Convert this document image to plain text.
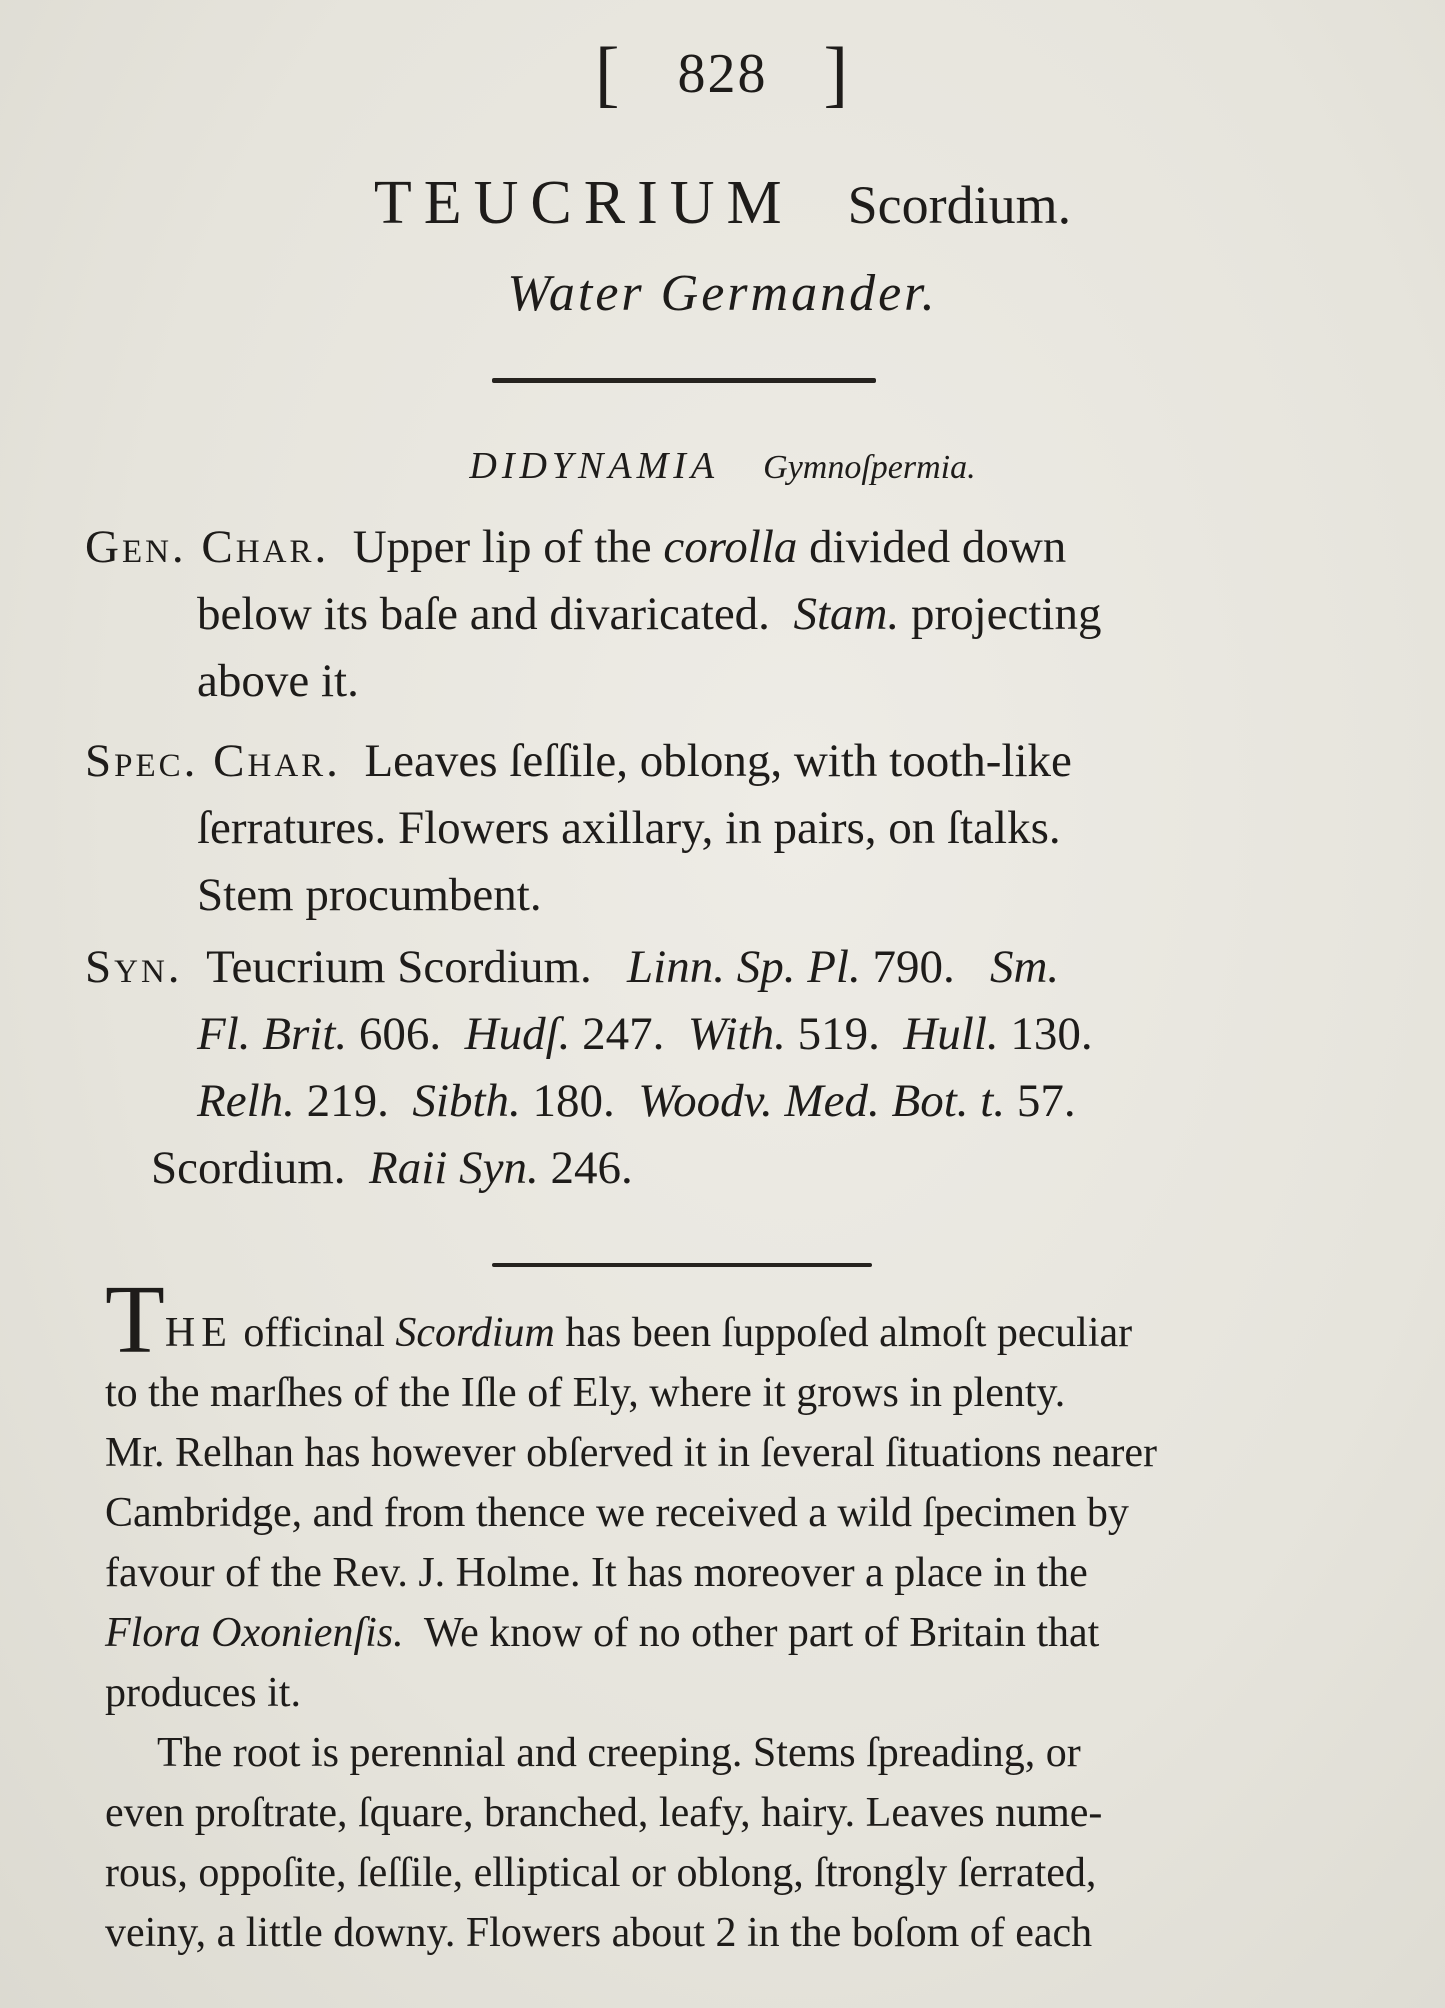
[ 828 ]
TEUCRIUM Scordium.
Water Germander.
DIDYNAMIA Gymnoſpermia.
Gen. Char. Upper lip of the corolla divided down
below its baſe and divaricated. Stam. projecting
above it.
Spec. Char. Leaves ſeſſile, oblong, with tooth-like
ſerratures. Flowers axillary, in pairs, on ſtalks.
Stem procumbent.
Syn. Teucrium Scordium. Linn. Sp. Pl. 790. Sm.
Fl. Brit. 606. Hudſ. 247. With. 519. Hull. 130.
Relh. 219. Sibth. 180. Woodv. Med. Bot. t. 57.
Scordium. Raii Syn. 246.
THE officinal Scordium has been ſuppoſed almoſt peculiar
to the marſhes of the Iſle of Ely, where it grows in plenty.
Mr. Relhan has however obſerved it in ſeveral ſituations nearer
Cambridge, and from thence we received a wild ſpecimen by
favour of the Rev. J. Holme. It has moreover a place in the
Flora Oxonienſis. We know of no other part of Britain that
produces it.
The root is perennial and creeping. Stems ſpreading, or
even proſtrate, ſquare, branched, leafy, hairy. Leaves nume-
rous, oppoſite, ſeſſile, elliptical or oblong, ſtrongly ſerrated,
veiny, a little downy. Flowers about 2 in the boſom of each
